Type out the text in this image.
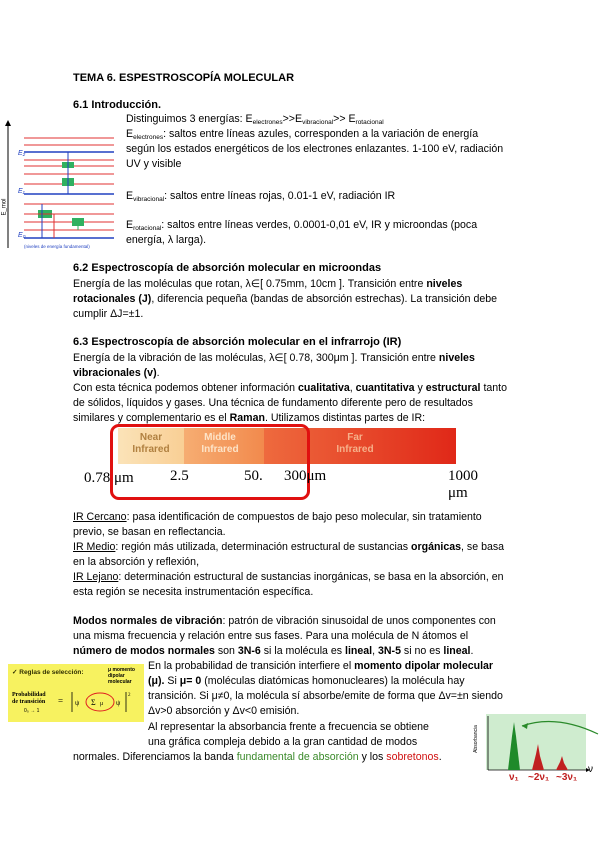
TEMA 6. ESPESTROSCOPÍA MOLECULAR
6.1 Introducción.
E₂
E₁
E₀
E_mol
(niveles de energía fundamental)
Distinguimos 3 energías: $E_{electrones}>>E_{vibracional}>> E_{rotacional}$
$E_{electrones}$: saltos entre líneas azules, corresponden a la variación de energía
según los estados energéticos de los electrones enlazantes. 1-100 eV, radiación
UV y visible
$E_{vibracional}$: saltos entre líneas rojas, 0.01-1 eV, radiación IR
$E_{rotacional}$: saltos entre líneas verdes, 0.0001-0,01 eV, IR y microondas (poca
energía, λ larga).
6.2 Espectroscopía de absorción molecular en microondas
Energía de las moléculas que rotan, λ∈[ 0.75mm, 10cm ]. Transición entre niveles
rotacionales (J), diferencia pequeña (bandas de absorción estrechas). La transición debe
cumplir ΔJ=±1.
6.3 Espectroscopía de absorción molecular en el infrarrojo (IR)
Energía de la vibración de las moléculas, λ∈[ 0.78, 300μm ]. Transición entre niveles
vibracionales (v).
Con esta técnica podemos obtener información cualitativa, cuantitativa y estructural tanto
de sólidos, líquidos y gases. Una técnica de fundamento diferente pero de resultados
similares y complementario es el Raman. Utilizamos distintas partes de IR:
Near
Infrared
Middle
Infrared
Far
Infrared
0.78 μm 2.5	50. 300μm	1000 μm
IR Cercano: pasa identificación de compuestos de bajo peso molecular, sin tratamiento
previo, se basan en reflectancia.
IR Medio: región más utilizada, determinación estructural de sustancias orgánicas, se basa
en la absorción y reflexión,
IR Lejano: determinación estructural de sustancias inorgánicas, se basa en la absorción, en
esta región se necesita instrumentación específica.
Modos normales de vibración: patrón de vibración sinusoidal de unos componentes con
una misma frecuencia y relación entre sus fases. Para una molécula de N átomos el
número de modos normales son 3N-6 si la molécula es lineal, 3N-5 si no es lineal.
✓ Reglas de selección:	μ momento dipolar molecular
Probabilidad de transición
0₀ → 1
= ψ Σ μ ψ
2
En la probabilidad de transición interfiere el momento dipolar molecular
(μ). Si μ= 0 (moléculas diatómicas homonucleares) la molécula hay
transición. Si μ≠0, la molécula sí absorbe/emite de forma que Δv=±n siendo
Δv>0 absorción y Δv<0 emisión.
Al representar la absorbancia frente a frecuencia se obtiene
una gráfica compleja debido a la gran cantidad de modos
normales. Diferenciamos la banda fundamental de absorción y los sobretonos.
Absorbancia
ν₁ ~2ν₁ ~3ν₁
ν
